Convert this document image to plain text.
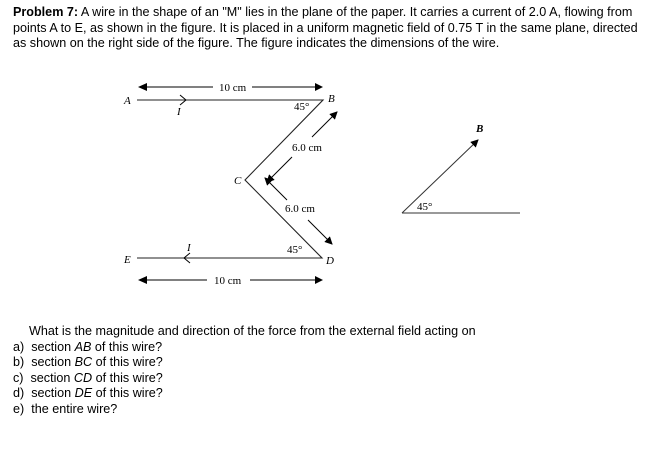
Problem 7: A wire in the shape of an "M" lies in the plane of the paper. It carries a current of 2.0 A, flowing from points A to E, as shown in the figure. It is placed in a uniform magnetic field of 0.75 T in the same plane, directed as shown on the right side of the figure. The figure indicates the dimensions of the wire.
10 cm
A	B
C
D
E
I
I
45°
45°
6.0 cm
6.0 cm
10 cm
B
45°
What is the magnitude and direction of the force from the external field acting on
a) section AB of this wire?
b) section BC of this wire?
c) section CD of this wire?
d) section DE of this wire?
e) the entire wire?
